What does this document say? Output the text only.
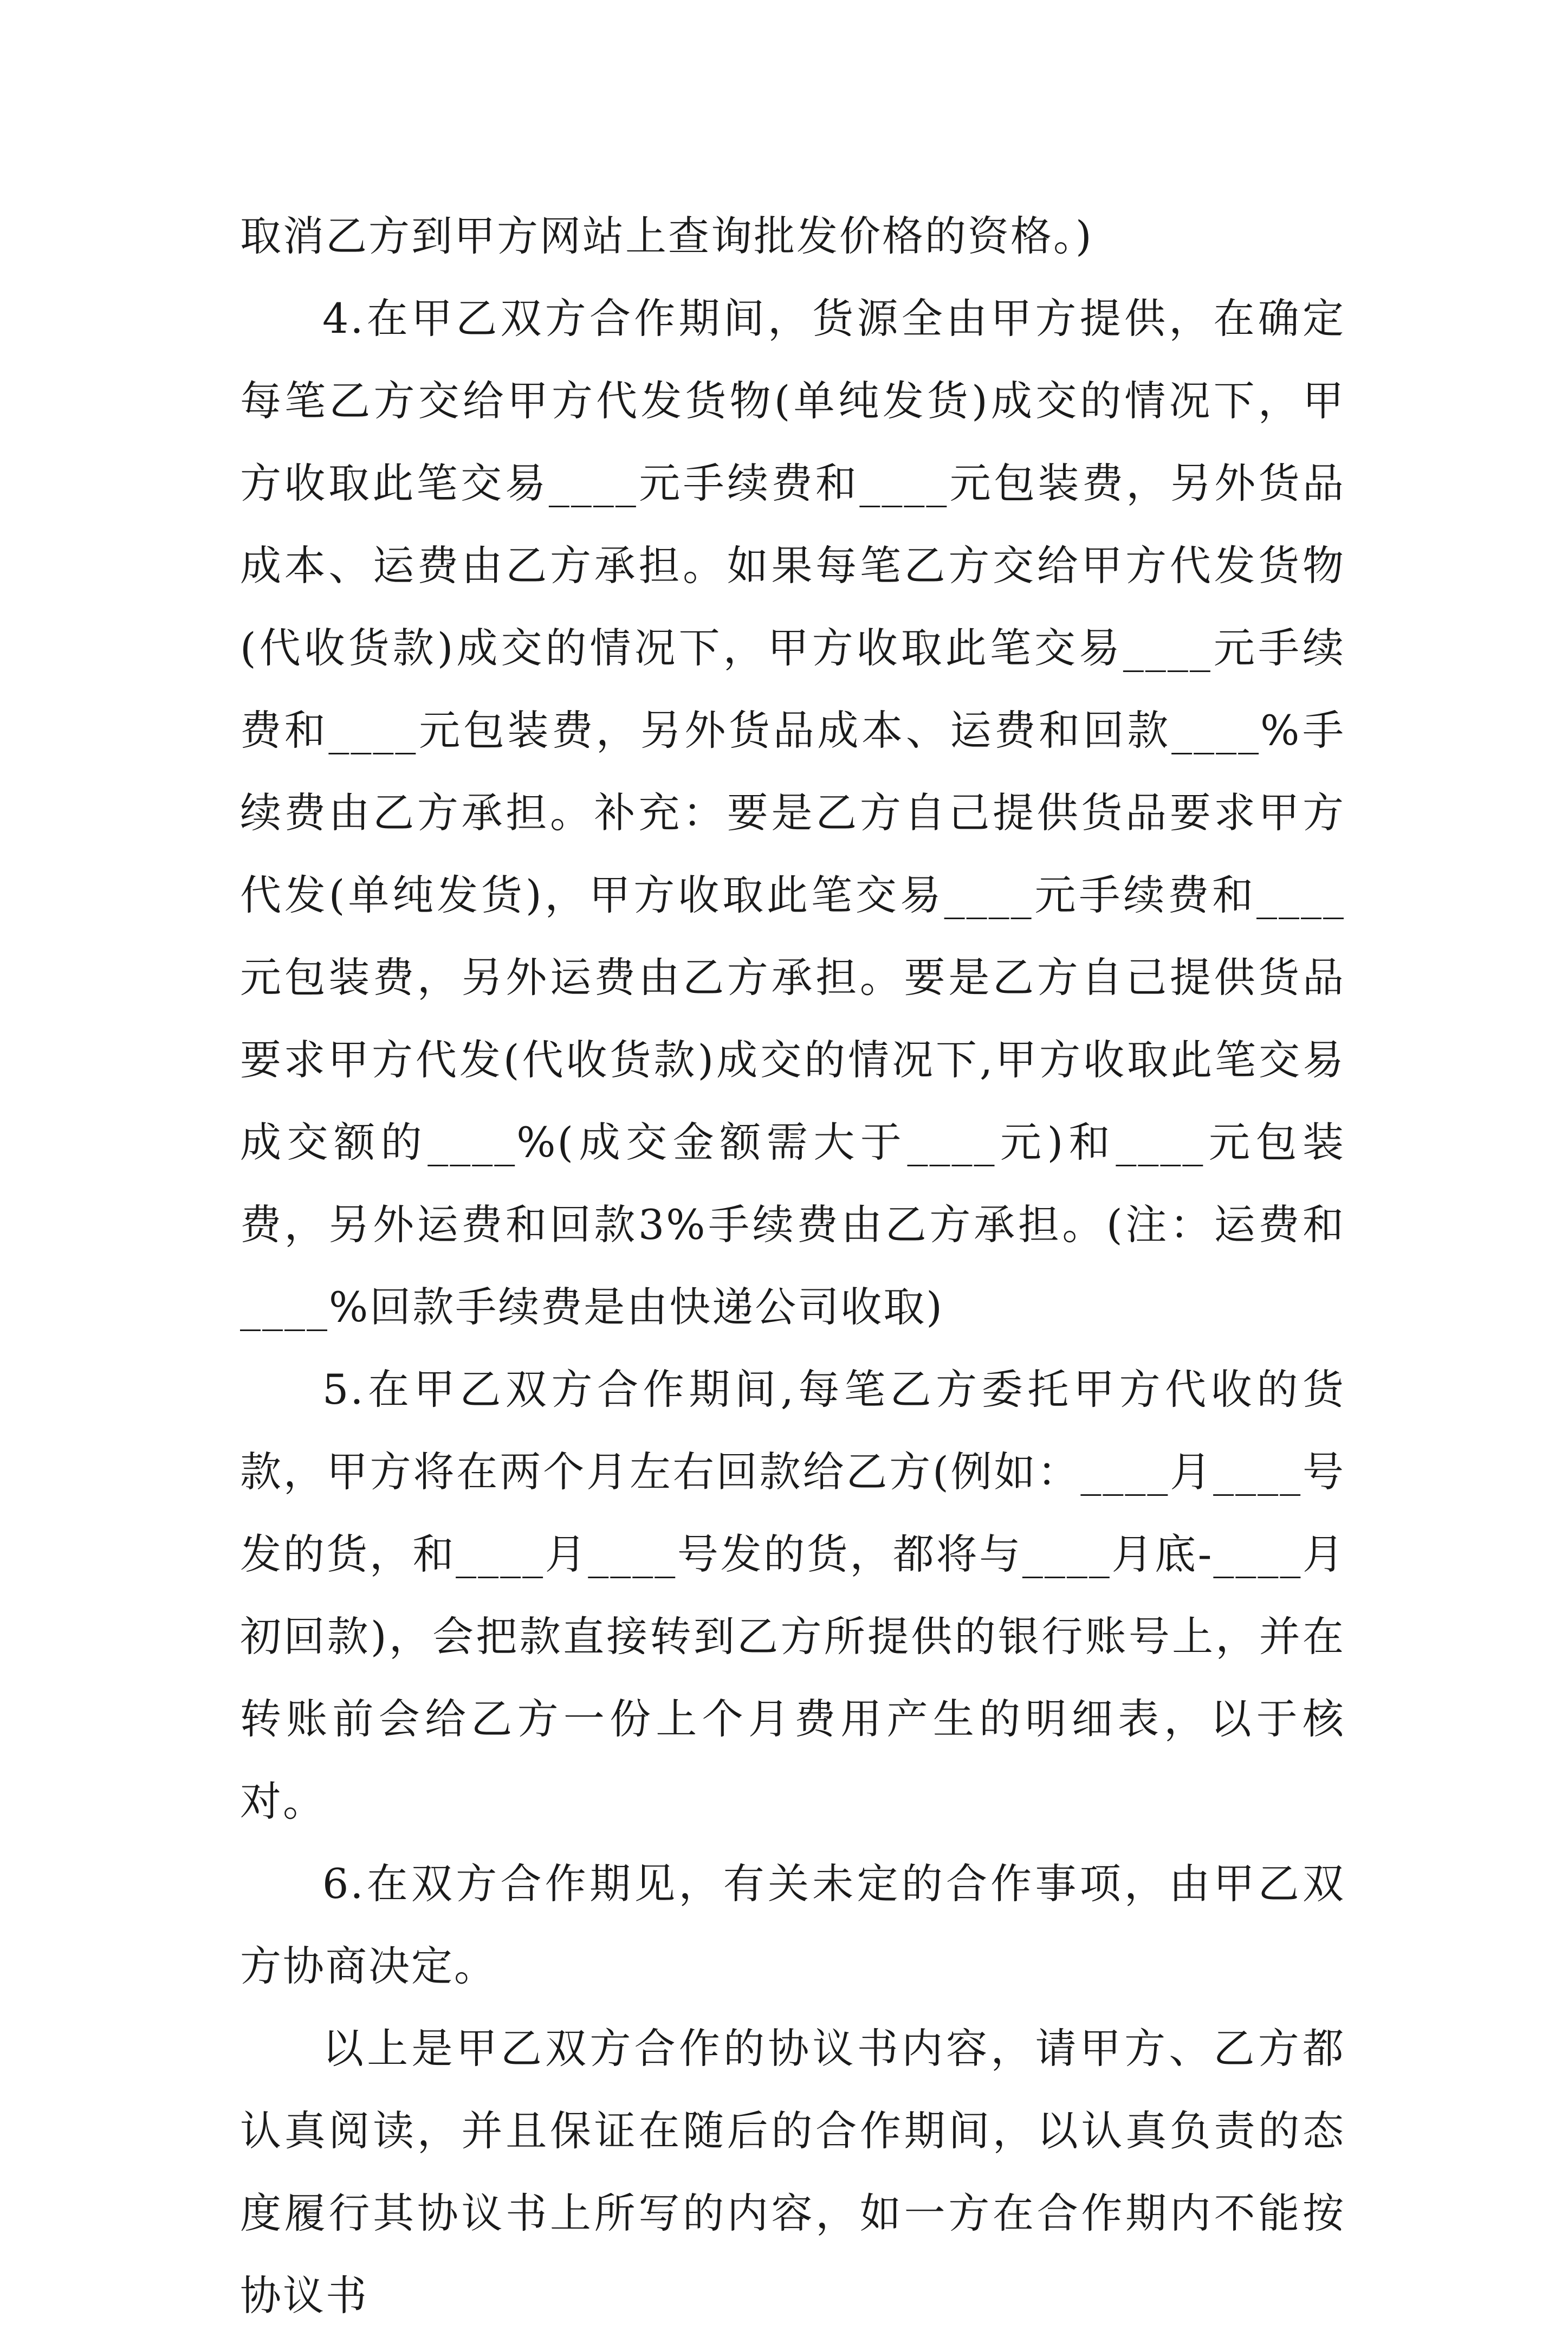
取消乙方到甲方网站上查询批发价格的资格。)

4.在甲乙双方合作期间，货源全由甲方提供，在确定每笔乙方交给甲方代发货物(单纯发货)成交的情况下，甲方收取此笔交易____元手续费和____元包装费，另外货品成本、运费由乙方承担。如果每笔乙方交给甲方代发货物(代收货款)成交的情况下，甲方收取此笔交易____元手续费和____元包装费，另外货品成本、运费和回款____%手续费由乙方承担。补充：要是乙方自己提供货品要求甲方代发(单纯发货)，甲方收取此笔交易____元手续费和____元包装费，另外运费由乙方承担。要是乙方自己提供货品要求甲方代发(代收货款)成交的情况下,甲方收取此笔交易成交额的____%(成交金额需大于____元)和____元包装费，另外运费和回款3%手续费由乙方承担。(注：运费和____%回款手续费是由快递公司收取)

5.在甲乙双方合作期间,每笔乙方委托甲方代收的货款，甲方将在两个月左右回款给乙方(例如：____月____号发的货，和____月____号发的货，都将与____月底-____月初回款)，会把款直接转到乙方所提供的银行账号上，并在转账前会给乙方一份上个月费用产生的明细表，以于核对。

6.在双方合作期见，有关未定的合作事项，由甲乙双方协商决定。

以上是甲乙双方合作的协议书内容，请甲方、乙方都认真阅读，并且保证在随后的合作期间，以认真负责的态度履行其协议书上所写的内容，如一方在合作期内不能按协议书
